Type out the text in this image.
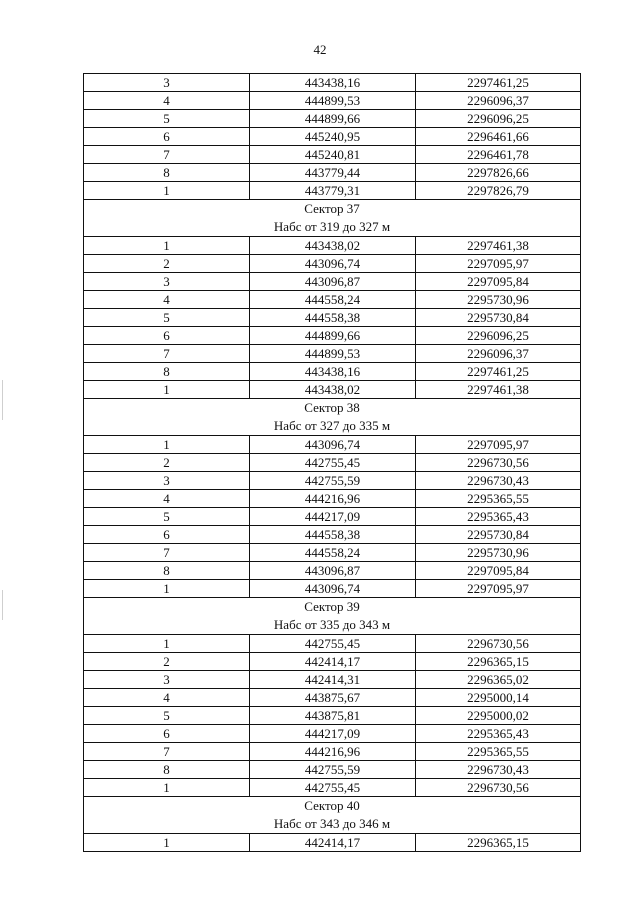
42
3	443438,16	2297461,25
4	444899,53	2296096,37
5	444899,66	2296096,25
6	445240,95	2296461,66
7	445240,81	2296461,78
8	443779,44	2297826,66
1	443779,31	2297826,79

Сектор 37
Набс от 319 до 327 м		

1	443438,02	2297461,38
2	443096,74	2297095,97
3	443096,87	2297095,84
4	444558,24	2295730,96
5	444558,38	2295730,84
6	444899,66	2296096,25
7	444899,53	2296096,37
8	443438,16	2297461,25
1	443438,02	2297461,38

Сектор 38
Набс от 327 до 335 м		

1	443096,74	2297095,97
2	442755,45	2296730,56
3	442755,59	2296730,43
4	444216,96	2295365,55
5	444217,09	2295365,43
6	444558,38	2295730,84
7	444558,24	2295730,96
8	443096,87	2297095,84
1	443096,74	2297095,97

Сектор 39
Набс от 335 до 343 м		

1	442755,45	2296730,56
2	442414,17	2296365,15
3	442414,31	2296365,02
4	443875,67	2295000,14
5	443875,81	2295000,02
6	444217,09	2295365,43
7	444216,96	2295365,55
8	442755,59	2296730,43
1	442755,45	2296730,56

Сектор 40
Набс от 343 до 346 м		

1	442414,17	2296365,15
